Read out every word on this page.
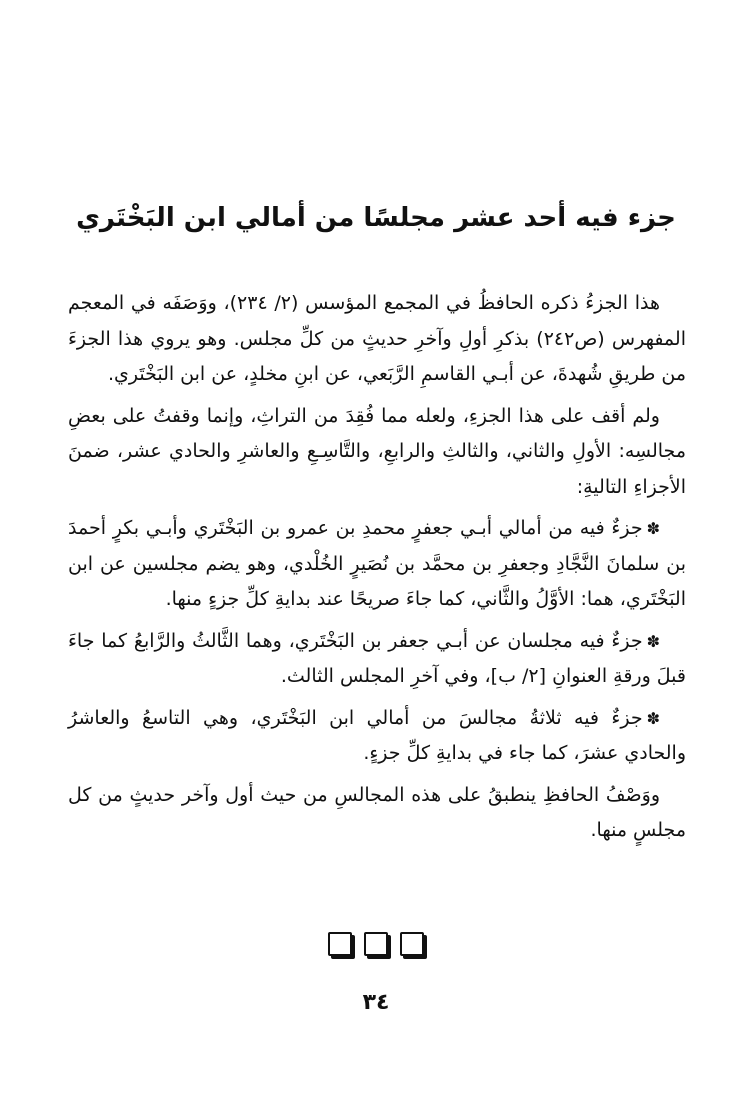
جزء فيه أحد عشر مجلسًا من أمالي ابن البَخْتَري

هذا الجزءُ ذكره الحافظُ في المجمع المؤسس (٢/ ٢٣٤)، ووَصَفَه في المعجم المفهرس (ص٢٤٢) بذكرِ أولِ وآخرِ حديثٍ من كلِّ مجلس. وهو يروي هذا الجزءَ من طريقِ شُهدةَ، عن أبـي القاسمِ الرَّبَعي، عن ابنِ مخلدٍ، عن ابن البَخْتَري.

ولم أقف على هذا الجزءِ، ولعله مما فُقِدَ من التراثِ، وإنما وقفتُ على بعضِ مجالسِه: الأولِ والثاني، والثالثِ والرابعِ، والتَّاسِـعِ والعاشرِ والحادي عشر، ضمنَ الأجزاءِ التاليةِ:

✽جزءٌ فيه من أمالي أبـي جعفرٍ محمدِ بن عمرو بن البَخْتَري وأبـي بكرٍ أحمدَ بن سلمانَ النَّجَّادِ وجعفرِ بن محمَّد بن نُصَيرٍ الخُلْدي، وهو يضم مجلسين عن ابن البَخْتَري، هما: الأوَّلُ والثَّاني، كما جاءَ صريحًا عند بدايةِ كلِّ جزءٍ منها.

✽جزءٌ فيه مجلسان عن أبـي جعفر بن البَخْتَري، وهما الثَّالثُ والرَّابعُ كما جاءَ قبلَ ورقةِ العنوانِ [٢/ ب]، وفي آخرِ المجلس الثالث.

✽جزءٌ فيه ثلاثةُ مجالسَ من أمالي ابن البَخْتَري، وهي التاسعُ والعاشرُ والحادي عشرَ، كما جاء في بدايةِ كلِّ جزءٍ.

ووَصْفُ الحافظِ ينطبقُ على هذه المجالسِ من حيث أول وآخر حديثٍ من كل مجلسٍ منها.

٣٤
